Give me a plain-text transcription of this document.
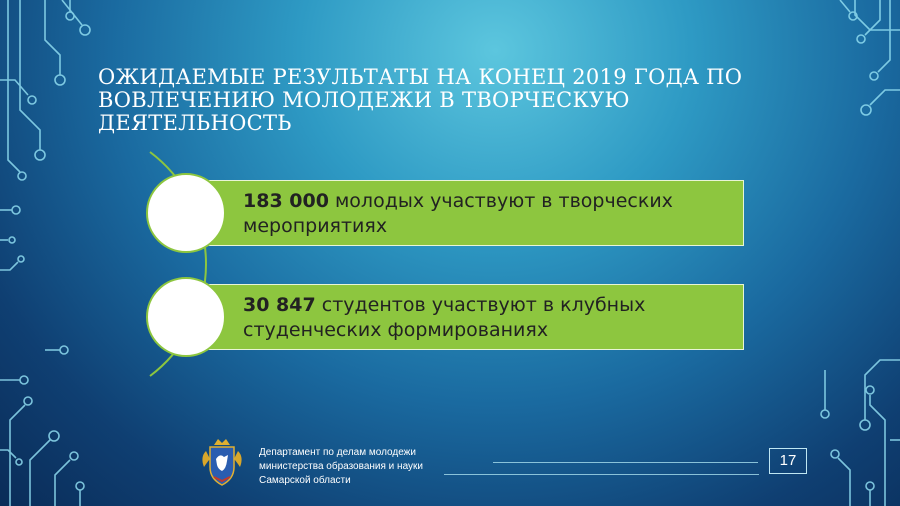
ОЖИДАЕМЫЕ РЕЗУЛЬТАТЫ НА КОНЕЦ 2019 ГОДА ПО ВОВЛЕЧЕНИЮ МОЛОДЕЖИ В ТВОРЧЕСКУЮ ДЕЯТЕЛЬНОСТЬ
183 000 молодых участвуют в творческих мероприятиях
30 847 студентов участвуют в клубных студенческих формированиях
Департамент по делам молодежи
министерства образования и науки
Самарской области
17
